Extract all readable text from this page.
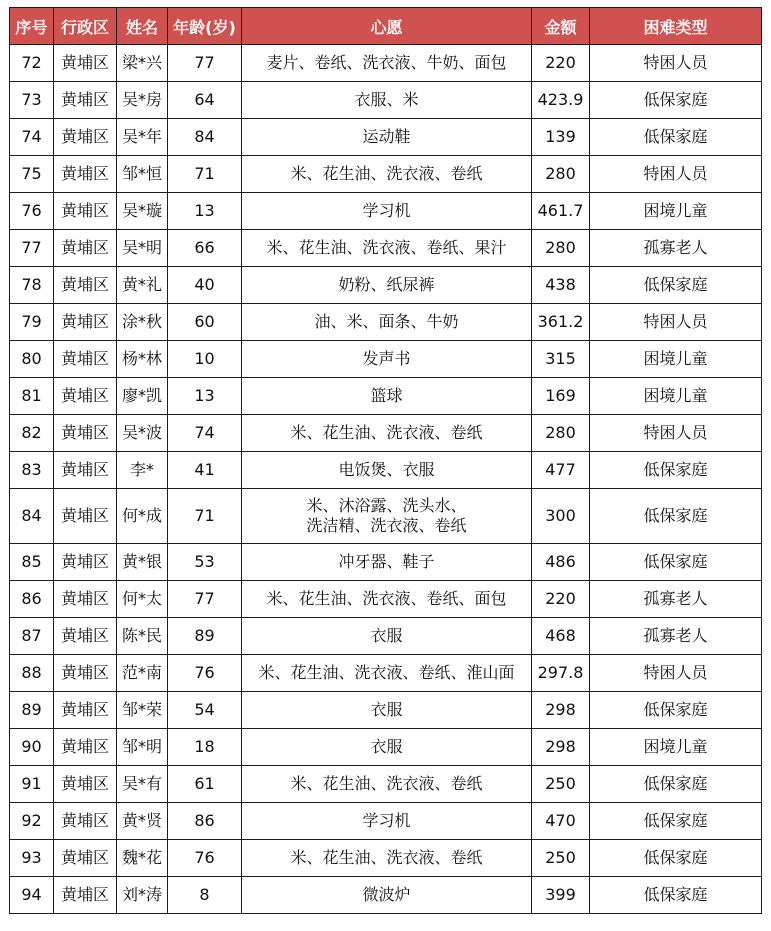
序号	行政区	姓名	年龄(岁)	心愿	金额	困难类型
72	黄埔区	梁*兴	77	麦片、卷纸、洗衣液、牛奶、面包	220	特困人员
73	黄埔区	吴*房	64	衣服、米	423.9	低保家庭
74	黄埔区	吴*年	84	运动鞋	139	低保家庭
75	黄埔区	邹*恒	71	米、花生油、洗衣液、卷纸	280	特困人员
76	黄埔区	吴*璇	13	学习机	461.7	困境儿童
77	黄埔区	吴*明	66	米、花生油、洗衣液、卷纸、果汁	280	孤寡老人
78	黄埔区	黄*礼	40	奶粉、纸尿裤	438	低保家庭
79	黄埔区	涂*秋	60	油、米、面条、牛奶	361.2	特困人员
80	黄埔区	杨*林	10	发声书	315	困境儿童
81	黄埔区	廖*凯	13	篮球	169	困境儿童
82	黄埔区	吴*波	74	米、花生油、洗衣液、卷纸	280	特困人员
83	黄埔区	李*	41	电饭煲、衣服	477	低保家庭
84	黄埔区	何*成	71	米、沐浴露、洗头水、
洗洁精、洗衣液、卷纸	300	低保家庭
85	黄埔区	黄*银	53	冲牙器、鞋子	486	低保家庭
86	黄埔区	何*太	77	米、花生油、洗衣液、卷纸、面包	220	孤寡老人
87	黄埔区	陈*民	89	衣服	468	孤寡老人
88	黄埔区	范*南	76	米、花生油、洗衣液、卷纸、淮山面	297.8	特困人员
89	黄埔区	邹*荣	54	衣服	298	低保家庭
90	黄埔区	邹*明	18	衣服	298	困境儿童
91	黄埔区	吴*有	61	米、花生油、洗衣液、卷纸	250	低保家庭
92	黄埔区	黄*贤	86	学习机	470	低保家庭
93	黄埔区	魏*花	76	米、花生油、洗衣液、卷纸	250	低保家庭
94	黄埔区	刘*涛	8	微波炉	399	低保家庭
